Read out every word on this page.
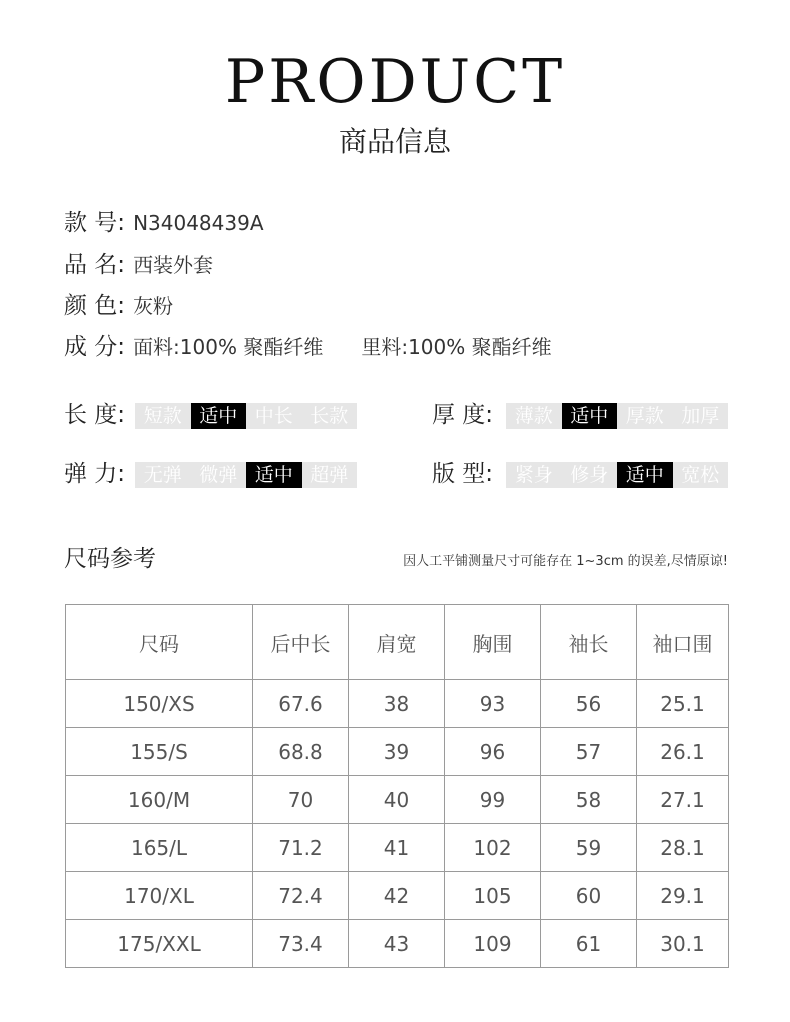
PRODUCT
商品信息
款 号: N34048439A
品 名: 西装外套
颜 色: 灰粉
成 分: 面料:100% 聚酯纤维 里料:100% 聚酯纤维
长 度: 短款 适中 中长 长款	厚 度:	薄款 适中 厚款 加厚
弹 力: 无弹 微弹 适中 超弹	版 型:	紧身 修身 适中 宽松
尺码参考	因人工平铺测量尺寸可能存在 1~3cm 的误差,尽情原谅!
尺码	后中长	肩宽	胸围	袖长	袖口围
150/XS	67.6	38	93	56	25.1
155/S	68.8	39	96	57	26.1
160/M	70	40	99	58	27.1
165/L	71.2	41	102	59	28.1
170/XL	72.4	42	105	60	29.1
175/XXL	73.4	43	109	61	30.1
